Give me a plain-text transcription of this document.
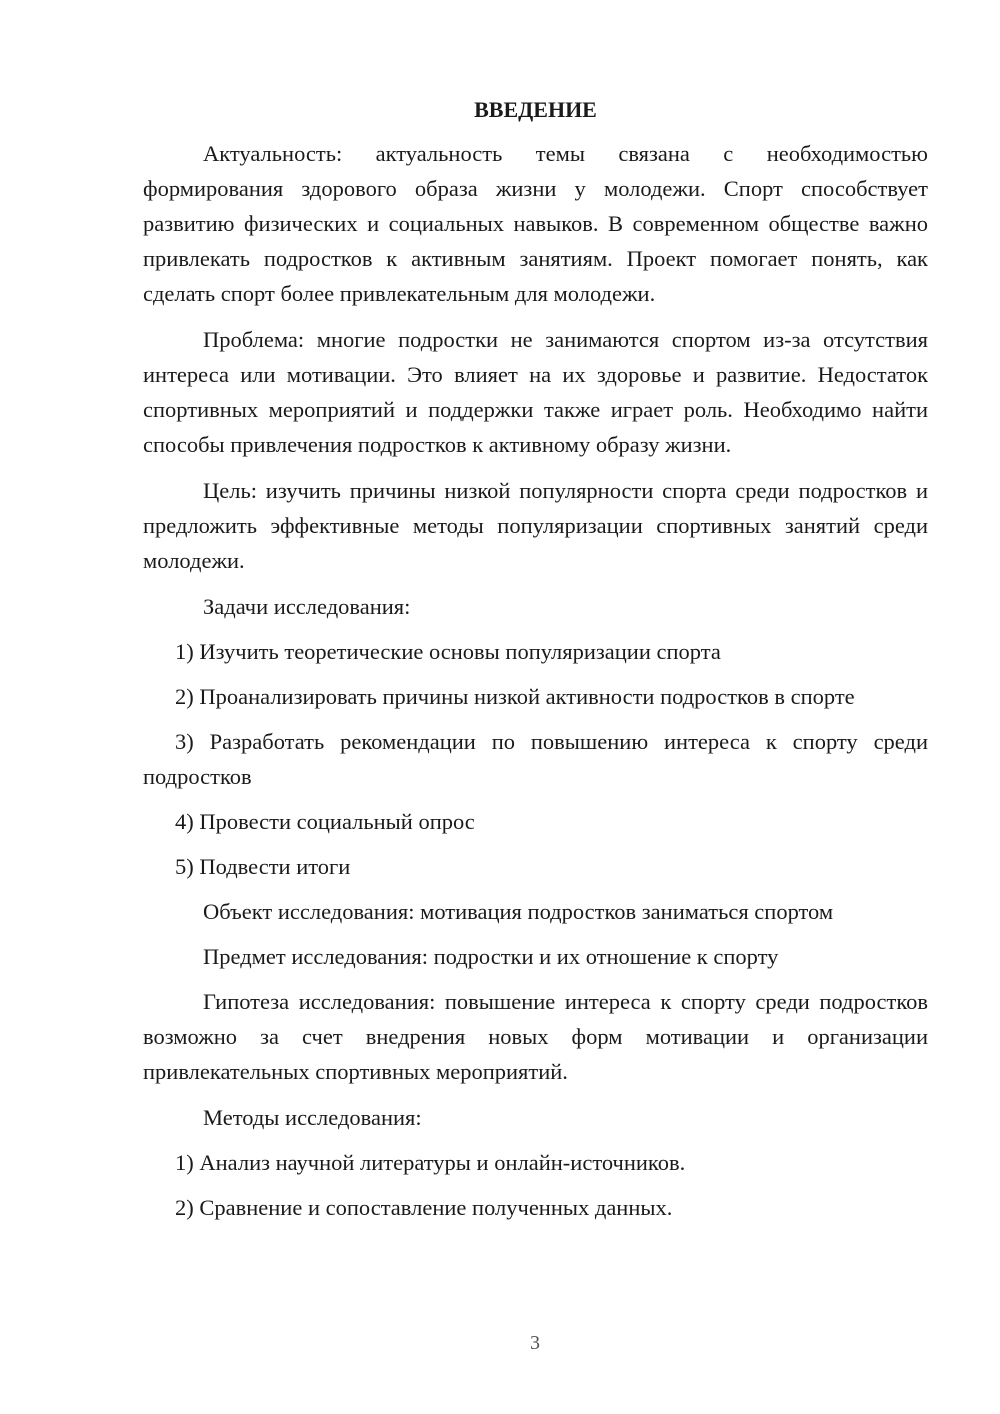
ВВЕДЕНИЕ

Актуальность: актуальность темы связана с необходимостью формирования здорового образа жизни у молодежи. Спорт способствует развитию физических и социальных навыков. В современном обществе важно привлекать подростков к активным занятиям. Проект помогает понять, как сделать спорт более привлекательным для молодежи.

Проблема: многие подростки не занимаются спортом из-за отсутствия интереса или мотивации. Это влияет на их здоровье и развитие. Недостаток спортивных мероприятий и поддержки также играет роль. Необходимо найти способы привлечения подростков к активному образу жизни.

Цель: изучить причины низкой популярности спорта среди подростков и предложить эффективные методы популяризации спортивных занятий среди молодежи.

Задачи исследования:

1) Изучить теоретические основы популяризации спорта

2) Проанализировать причины низкой активности подростков в спорте

3) Разработать рекомендации по повышению интереса к спорту среди подростков

4) Провести социальный опрос

5) Подвести итоги

Объект исследования: мотивация подростков заниматься спортом

Предмет исследования: подростки и их отношение к спорту

Гипотеза исследования: повышение интереса к спорту среди подростков возможно за счет внедрения новых форм мотивации и организации привлекательных спортивных мероприятий.

Методы исследования:

1) Анализ научной литературы и онлайн-источников.

2) Сравнение и сопоставление полученных данных.

3
